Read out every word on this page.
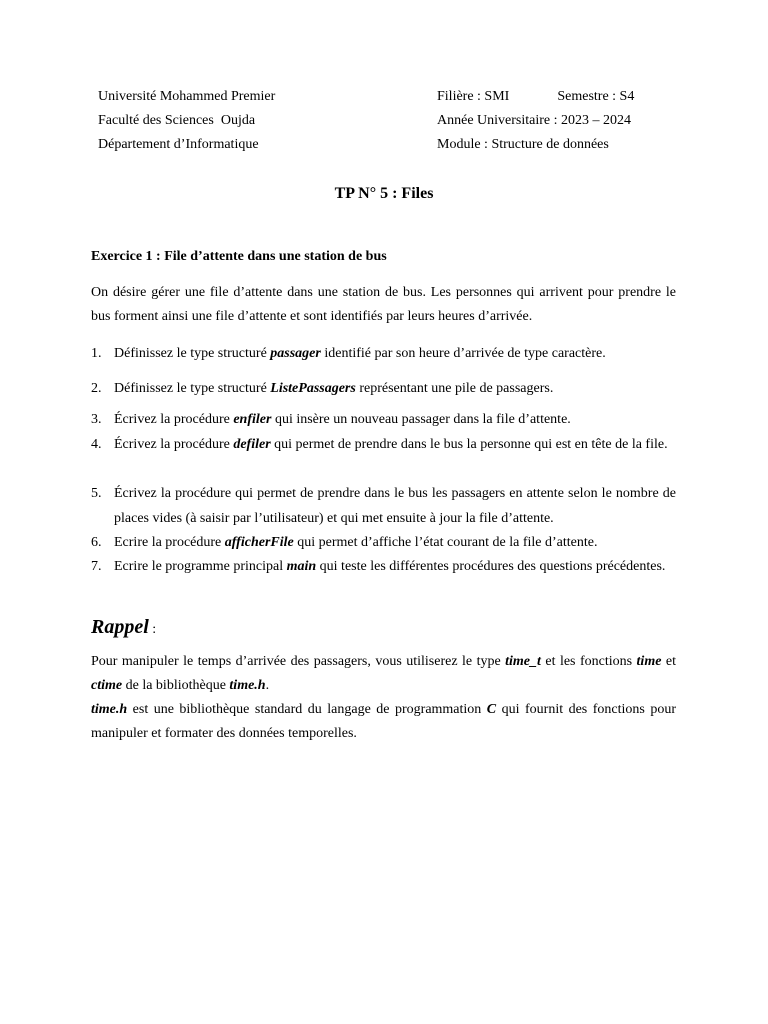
Université Mohammed Premier
Faculté des Sciences  Oujda
Département d’Informatique
Filière : SMI	Semestre : S4
Année Universitaire : 2023 – 2024
Module : Structure de données
TP N° 5 : Files
Exercice 1 : File d’attente dans une station de bus
On désire gérer une file d’attente dans une station de bus. Les personnes qui arrivent pour prendre le bus forment ainsi une file d’attente et sont identifiés par leurs heures d’arrivée.
1. Définissez le type structuré passager identifié par son heure d’arrivée de type caractère.
2. Définissez le type structuré ListePassagers représentant une pile de passagers.
3. Écrivez la procédure enfiler qui insère un nouveau passager dans la file d’attente.
4. Écrivez la procédure defiler qui permet de prendre dans le bus la personne qui est en tête de la file.
5. Écrivez la procédure qui permet de prendre dans le bus les passagers en attente selon le nombre de places vides (à saisir par l’utilisateur) et qui met ensuite à jour la file d’attente.
6. Ecrire la procédure afficherFile qui permet d’affiche l’état courant de la file d’attente.
7. Ecrire le programme principal main qui teste les différentes procédures des questions précédentes.
Rappel :
Pour manipuler le temps d’arrivée des passagers, vous utiliserez le type time_t et les fonctions time et ctime de la bibliothèque time.h.
time.h est une bibliothèque standard du langage de programmation C qui fournit des fonctions pour manipuler et formater des données temporelles.
